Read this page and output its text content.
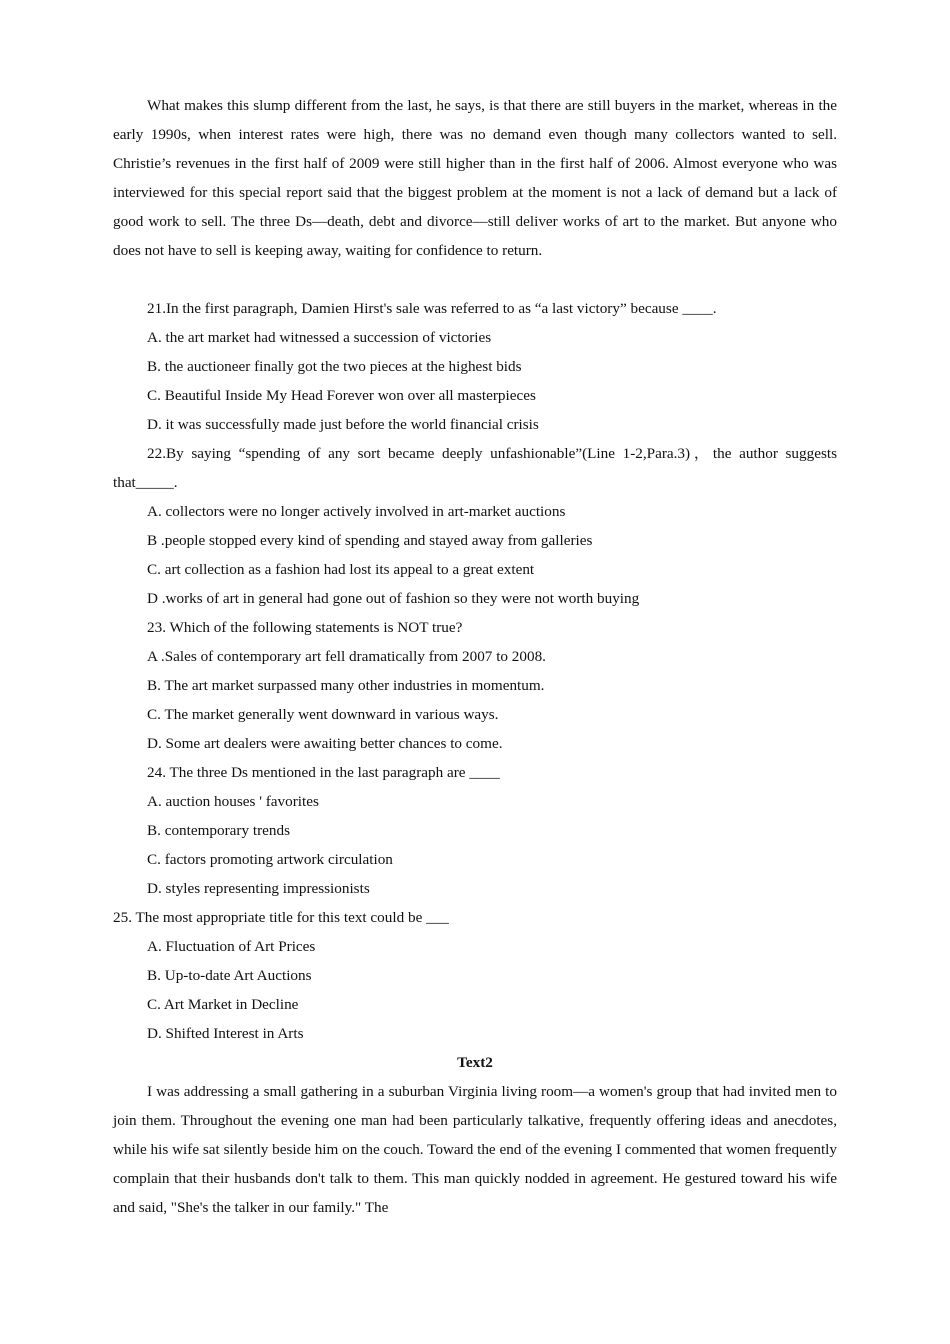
What makes this slump different from the last, he says, is that there are still buyers in the market, whereas in the early 1990s, when interest rates were high, there was no demand even though many collectors wanted to sell. Christie’s revenues in the first half of 2009 were still higher than in the first half of 2006. Almost everyone who was interviewed for this special report said that the biggest problem at the moment is not a lack of demand but a lack of good work to sell. The three Ds—death, debt and divorce—still deliver works of art to the market. But anyone who does not have to sell is keeping away, waiting for confidence to return.

21.In the first paragraph, Damien Hirst's sale was referred to as “a last victory” because ____.

A. the art market had witnessed a succession of victories

B. the auctioneer finally got the two pieces at the highest bids

C. Beautiful Inside My Head Forever won over all masterpieces

D. it was successfully made just before the world financial crisis

22.By saying “spending of any sort became deeply unfashionable”(Line 1-2,Para.3)，the author suggests that_____.

A. collectors were no longer actively involved in art-market auctions

B .people stopped every kind of spending and stayed away from galleries

C. art collection as a fashion had lost its appeal to a great extent

D .works of art in general had gone out of fashion so they were not worth buying

23. Which of the following statements is NOT true?

A .Sales of contemporary art fell dramatically from 2007 to 2008.

B. The art market surpassed many other industries in momentum.

C. The market generally went downward in various ways.

D. Some art dealers were awaiting better chances to come.

24. The three Ds mentioned in the last paragraph are ____

A. auction houses ' favorites

B. contemporary trends

C. factors promoting artwork circulation

D. styles representing impressionists

25. The most appropriate title for this text could be ___

A. Fluctuation of Art Prices

B. Up-to-date Art Auctions

C. Art Market in Decline

D. Shifted Interest in Arts

Text2

I was addressing a small gathering in a suburban Virginia living room—a women's group that had invited men to join them. Throughout the evening one man had been particularly talkative, frequently offering ideas and anecdotes, while his wife sat silently beside him on the couch. Toward the end of the evening I commented that women frequently complain that their husbands don't talk to them. This man quickly nodded in agreement. He gestured toward his wife and said, "She's the talker in our family." The
